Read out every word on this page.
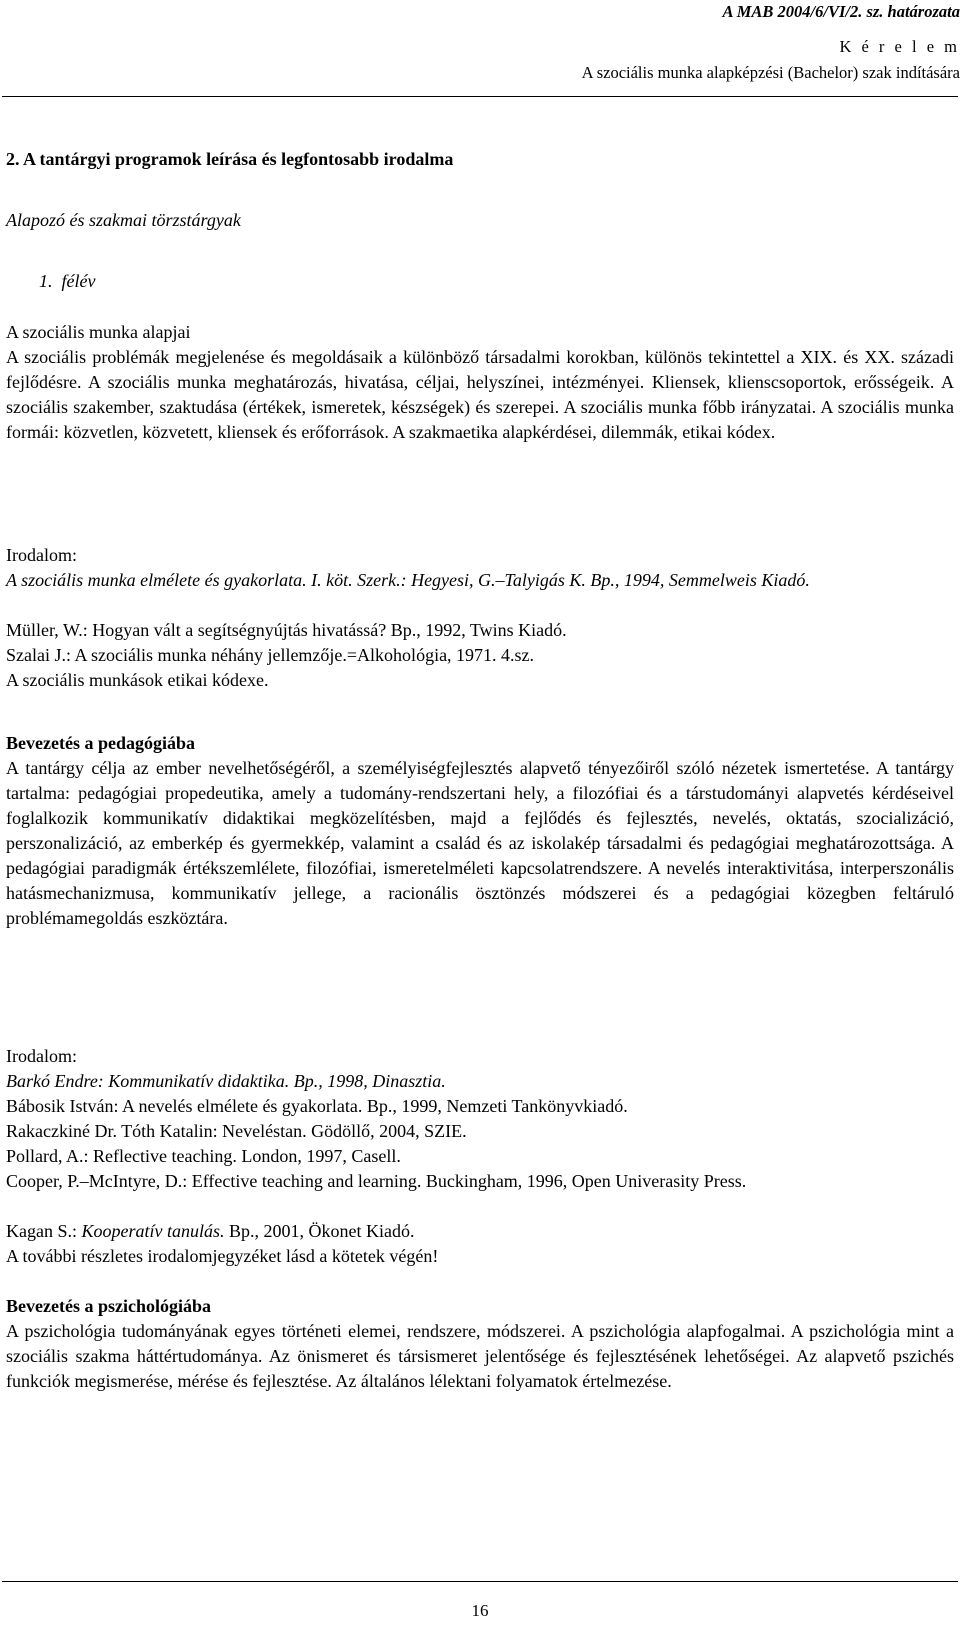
A MAB 2004/6/VI/2. sz. határozata
K é r e l e m
A szociális munka alapképzési (Bachelor) szak indítására
2. A tantárgyi programok leírása és legfontosabb irodalma
Alapozó és szakmai törzstárgyak
1.  félév
A szociális munka alapjai
A szociális problémák megjelenése és megoldásaik a különböző társadalmi korokban, különös tekintettel a XIX. és XX. századi fejlődésre. A szociális munka meghatározás, hivatása, céljai, helyszínei, intézményei. Kliensek, klienscsoportok, erősségeik. A szociális szakember, szaktudása (értékek, ismeretek, készségek) és szerepei. A szociális munka főbb irányzatai. A szociális munka formái: közvetlen, közvetett, kliensek és erőforrások. A szakmaetika alapkérdései, dilemmák, etikai kódex.
Irodalom:
A szociális munka elmélete és gyakorlata. I. köt. Szerk.: Hegyesi, G.–Talyigás K. Bp., 1994, Semmelweis Kiadó.
Müller, W.: Hogyan vált a segítségnyújtás hivatássá? Bp., 1992, Twins Kiadó.
Szalai J.: A szociális munka néhány jellemzője.=Alkohológia, 1971. 4.sz.
A szociális munkások etikai kódexe.
Bevezetés a pedagógiába
A tantárgy célja az ember nevelhetőségéről, a személyiségfejlesztés alapvető tényezőiről szóló nézetek ismertetése. A tantárgy tartalma: pedagógiai propedeutika, amely a tudomány-rendszertani hely, a filozófiai és a társtudományi alapvetés kérdéseivel foglalkozik kommunikatív didaktikai megközelítésben, majd a fejlődés és fejlesztés, nevelés, oktatás, szocializáció, perszonalizáció, az emberkép és gyermekkép, valamint a család és az iskolakép társadalmi és pedagógiai meghatározottsága. A pedagógiai paradigmák értékszemlélete, filozófiai, ismeretelméleti kapcsolatrendszere. A nevelés interaktivitása, interperszonális hatásmechanizmusa, kommunikatív jellege, a racionális ösztönzés módszerei és a pedagógiai közegben feltáruló problémamegoldás eszköztára.
Irodalom:
Barkó Endre: Kommunikatív didaktika. Bp., 1998, Dinasztia.
Bábosik István: A nevelés elmélete és gyakorlata. Bp., 1999, Nemzeti Tankönyvkiadó.
Rakaczkiné Dr. Tóth Katalin: Neveléstan. Gödöllő, 2004, SZIE.
Pollard, A.: Reflective teaching. London, 1997, Casell.
Cooper, P.–McIntyre, D.: Effective teaching and learning. Buckingham, 1996, Open Univerasity Press.
Kagan S.: Kooperatív tanulás. Bp., 2001, Ökonet Kiadó.
A további részletes irodalomjegyzéket lásd a kötetek végén!
Bevezetés a pszichológiába
A pszichológia tudományának egyes történeti elemei, rendszere, módszerei. A pszichológia alapfogalmai. A pszichológia mint a szociális szakma háttértudománya. Az önismeret és társismeret jelentősége és fejlesztésének lehetőségei. Az alapvető pszichés funkciók megismerése, mérése és fejlesztése. Az általános lélektani folyamatok értelmezése.
16
